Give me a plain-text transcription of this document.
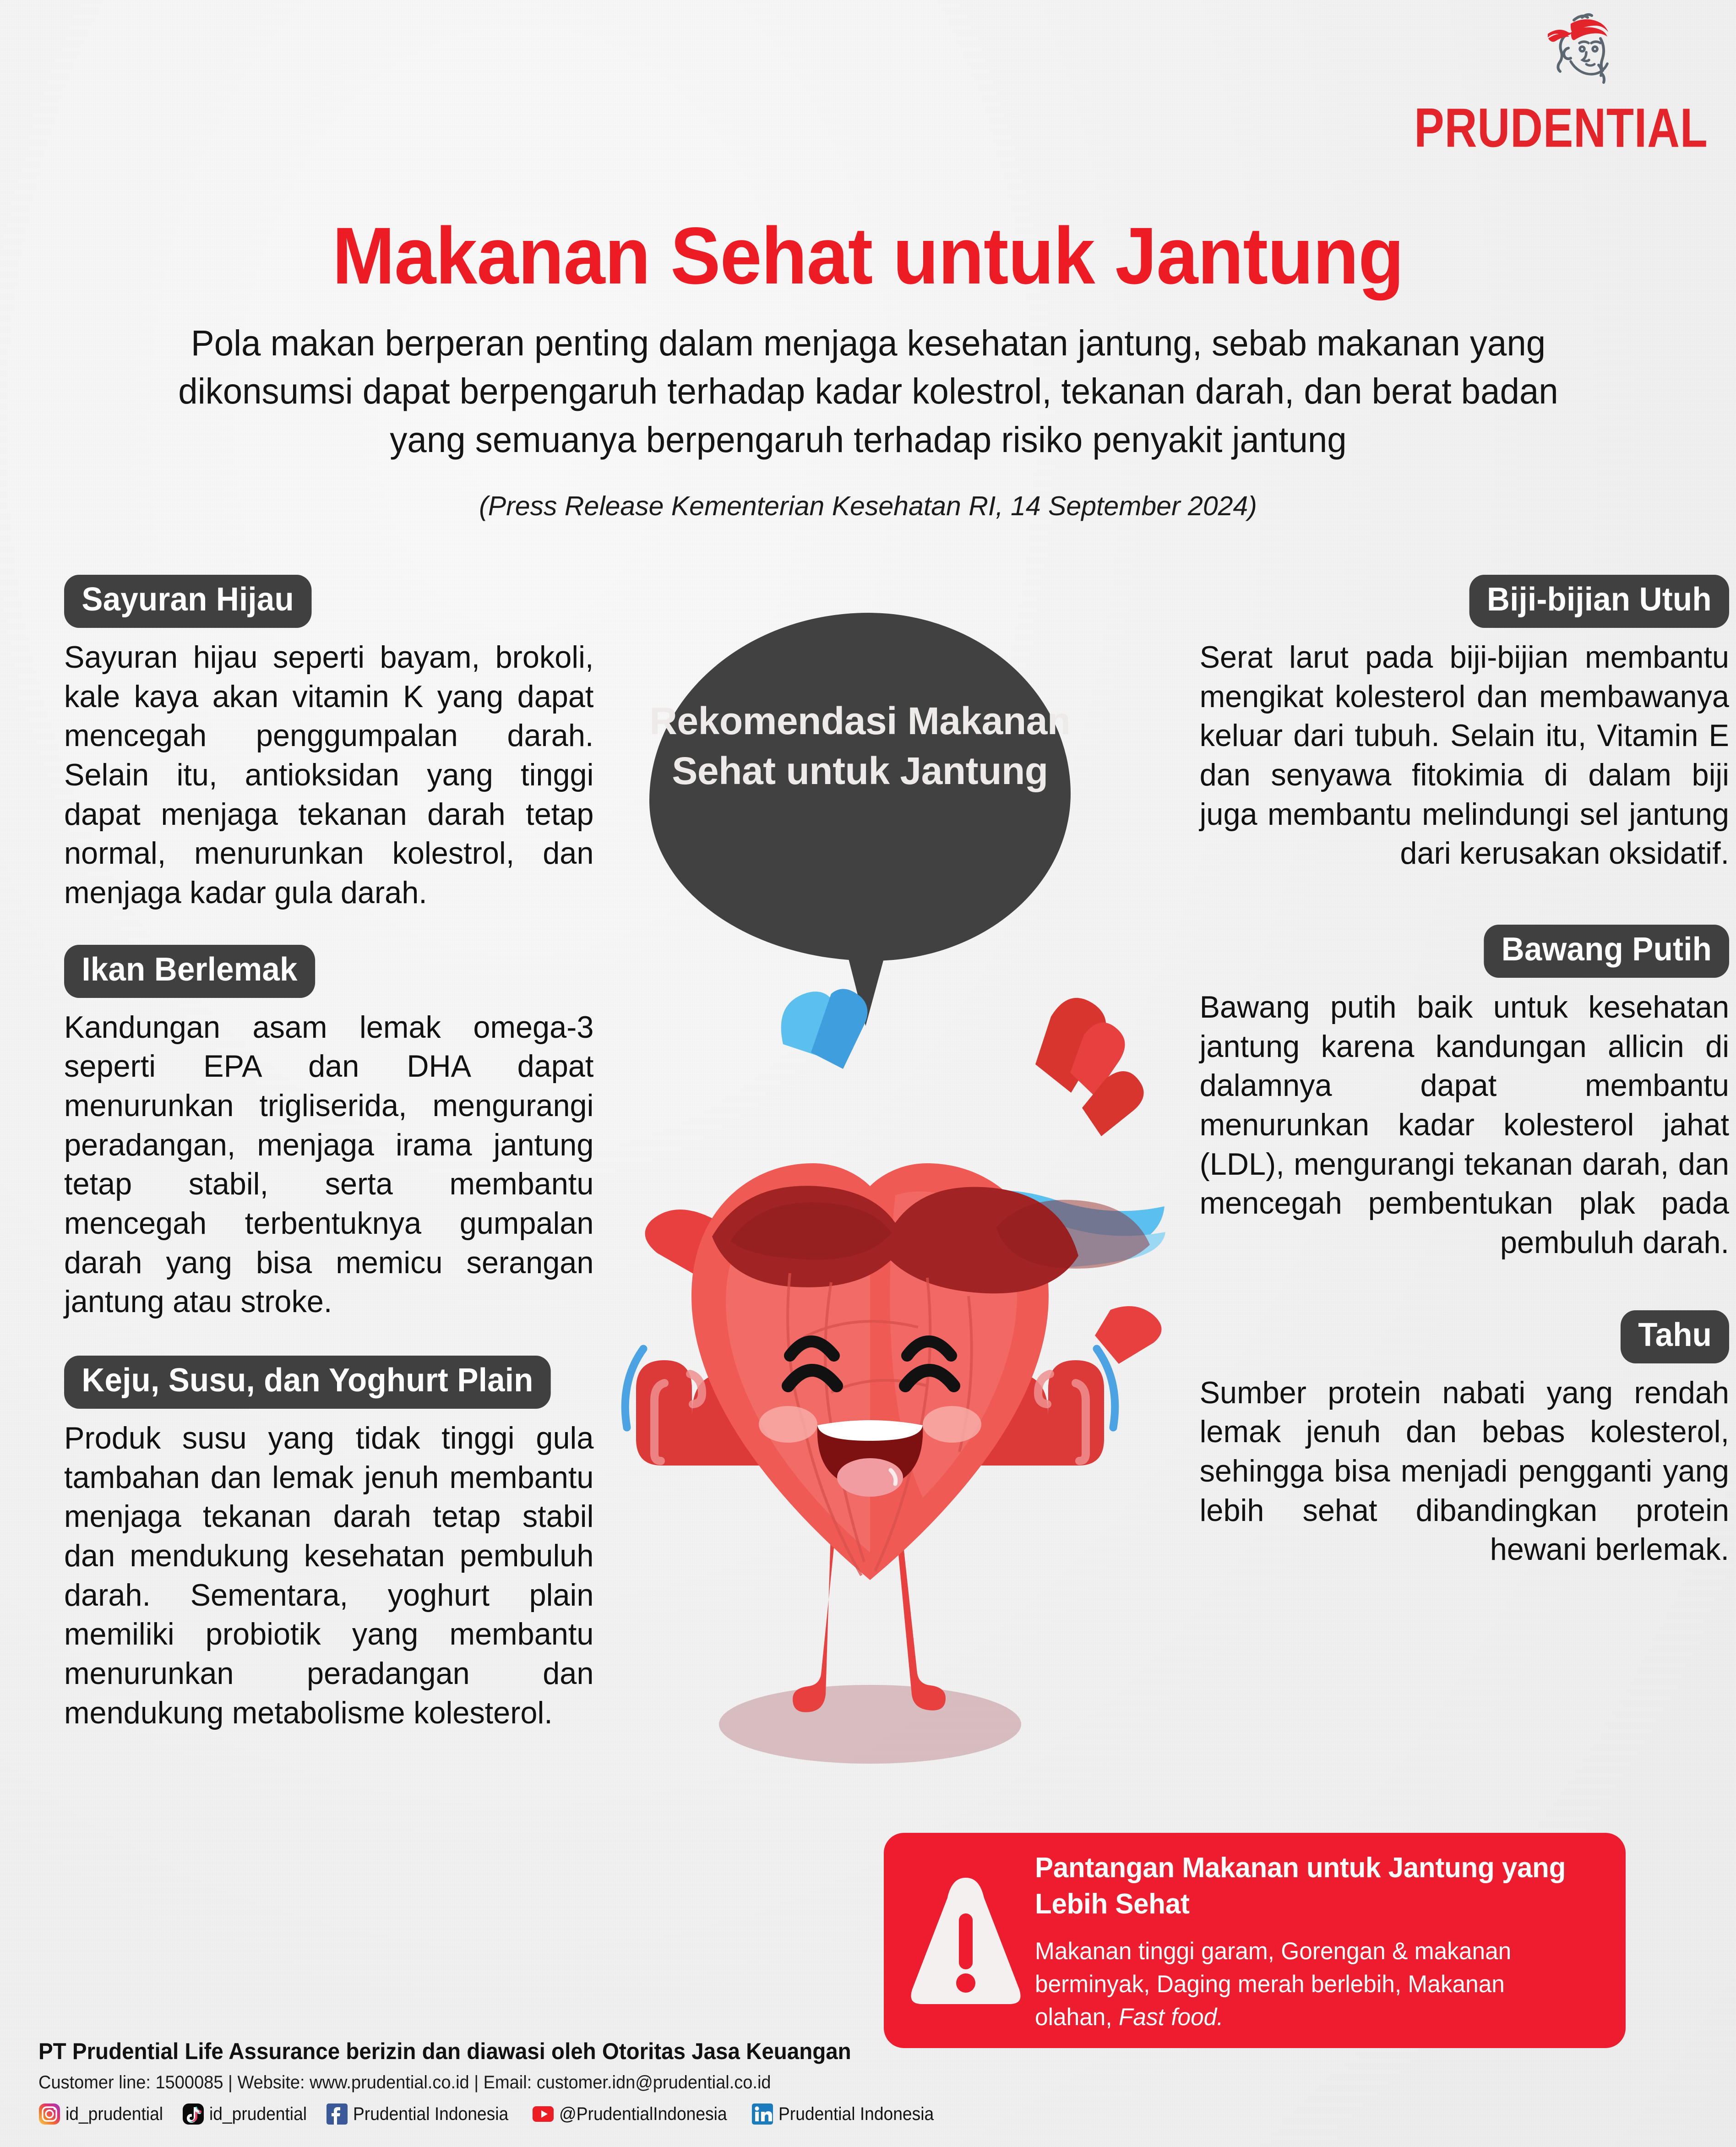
PRUDENTIAL
Makanan Sehat untuk Jantung

Pola makan berperan penting dalam menjaga kesehatan jantung, sebab makanan yang dikonsumsi dapat berpengaruh terhadap kadar kolestrol, tekanan darah, dan berat badan yang semuanya berpengaruh terhadap risiko penyakit jantung

(Press Release Kementerian Kesehatan RI, 14 September 2024)

Sayuran Hijau

Sayuran hijau seperti bayam, brokoli, kale kaya akan vitamin K yang dapat mencegah penggumpalan darah. Selain itu, antioksidan yang tinggi dapat menjaga tekanan darah tetap normal, menurunkan kolestrol, dan menjaga kadar gula darah.

Ikan Berlemak

Kandungan asam lemak omega-3 seperti EPA dan DHA dapat menurunkan trigliserida, mengurangi peradangan, menjaga irama jantung tetap stabil, serta membantu mencegah terbentuknya gumpalan darah yang bisa memicu serangan jantung atau stroke.

Keju, Susu, dan Yoghurt Plain

Produk susu yang tidak tinggi gula tambahan dan lemak jenuh membantu menjaga tekanan darah tetap stabil dan mendukung kesehatan pembuluh darah. Sementara, yoghurt plain memiliki probiotik yang membantu menurunkan peradangan dan mendukung metabolisme kolesterol.

Biji-bijian Utuh

Serat larut pada biji-bijian membantu mengikat kolesterol dan membawanya keluar dari tubuh. Selain itu, Vitamin E dan senyawa fitokimia di dalam biji juga membantu melindungi sel jantung dari kerusakan oksidatif.

Bawang Putih

Bawang putih baik untuk kesehatan jantung karena kandungan allicin di dalamnya dapat membantu menurunkan kadar kolesterol jahat (LDL), mengurangi tekanan darah, dan mencegah pembentukan plak pada pembuluh darah.

Tahu

Sumber protein nabati yang rendah lemak jenuh dan bebas kolesterol, sehingga bisa menjadi pengganti yang lebih sehat dibandingkan protein hewani berlemak.

Rekomendasi Makanan Sehat untuk Jantung
Pantangan Makanan untuk Jantung yang Lebih Sehat
Makanan tinggi garam, Gorengan & makanan berminyak, Daging merah berlebih, Makanan olahan, Fast food.
PT Prudential Life Assurance berizin dan diawasi oleh Otoritas Jasa Keuangan
Customer line: 1500085 | Website: www.prudential.co.id | Email: customer.idn@prudential.co.id
id_prudential	id_prudential	Prudential Indonesia	@PrudentialIndonesia	Prudential Indonesia
